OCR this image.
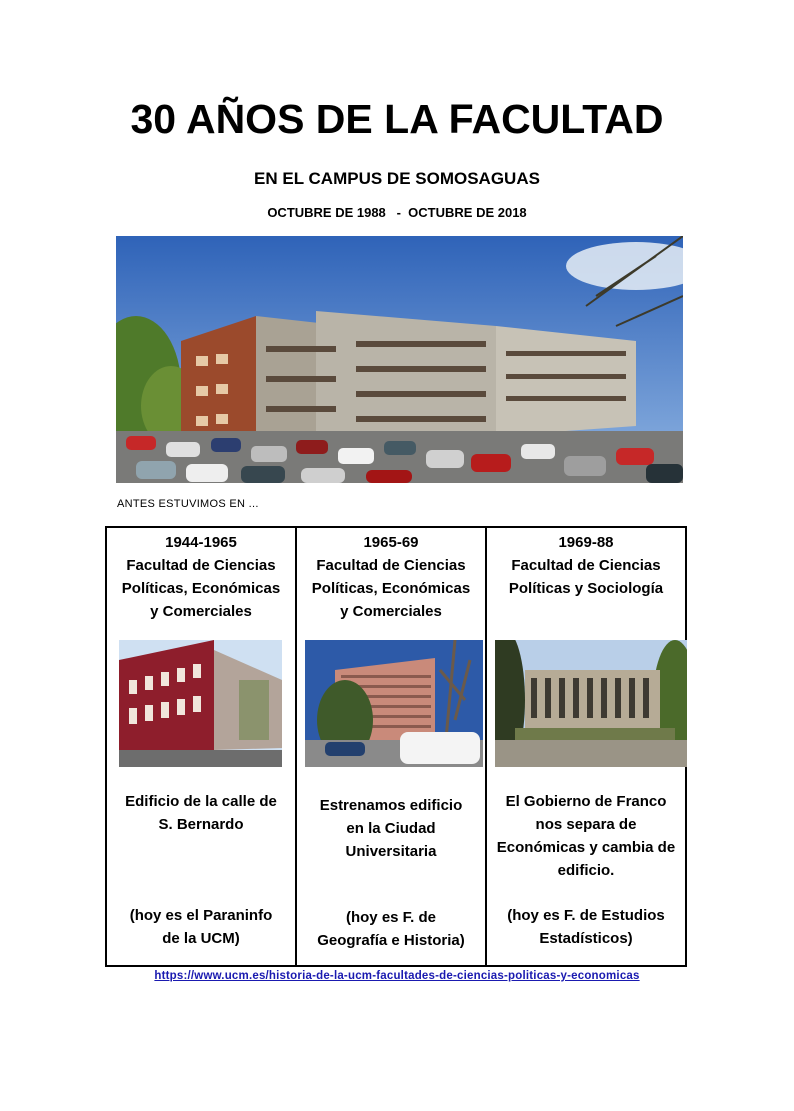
30 AÑOS DE LA FACULTAD
EN EL CAMPUS DE SOMOSAGUAS
OCTUBRE DE 1988   -  OCTUBRE DE 2018
ANTES ESTUVIMOS EN ...
1944-1965
Facultad de Ciencias
Políticas, Económicas
y Comerciales
Edificio de la calle de
S. Bernardo
(hoy es el Paraninfo
de la UCM)
1965-69
Facultad de Ciencias
Políticas, Económicas
y Comerciales
Estrenamos edificio
en la Ciudad
Universitaria
(hoy es F. de
Geografía e Historia)
1969-88
Facultad de Ciencias
Políticas y Sociología
El Gobierno de Franco
nos separa de
Económicas y cambia de
edificio.
(hoy es F. de Estudios
Estadísticos)
https://www.ucm.es/historia-de-la-ucm-facultades-de-ciencias-politicas-y-economicas
